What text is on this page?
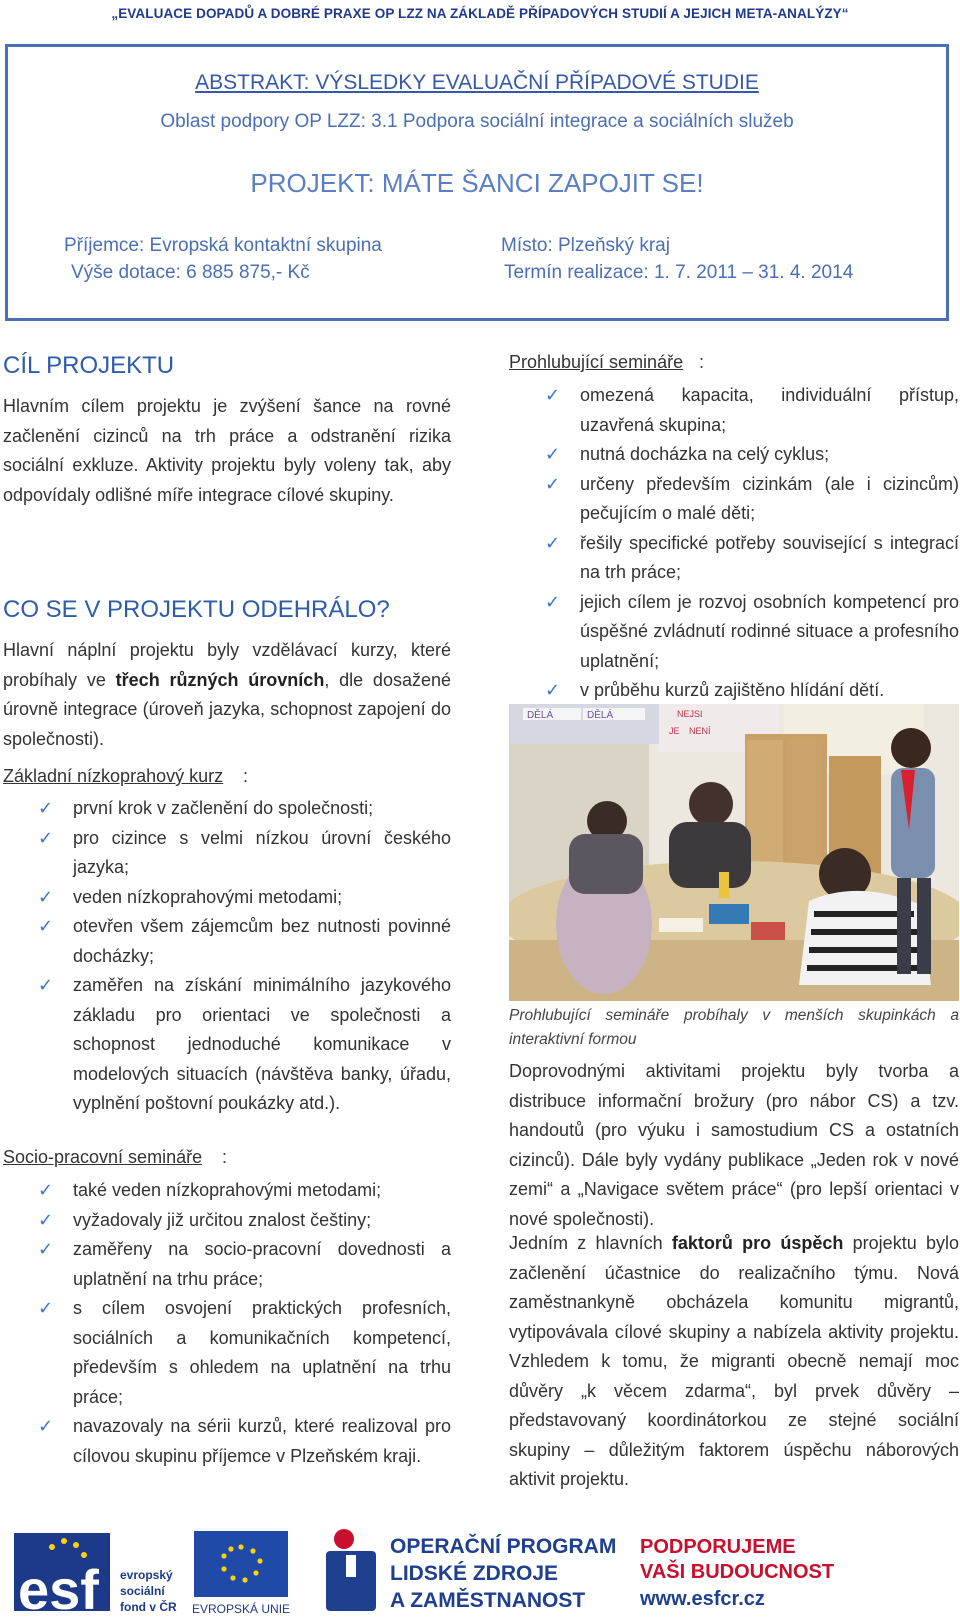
„EVALUACE DOPADŮ A DOBRÉ PRAXE OP LZZ NA ZÁKLADĚ PŘÍPADOVÝCH STUDIÍ A JEJICH META-ANALÝZY“
ABSTRAKT: VÝSLEDKY EVALUAČNÍ PŘÍPADOVÉ STUDIE
Oblast podpory OP LZZ: 3.1 Podpora sociální integrace a sociálních služeb
PROJEKT: MÁTE ŠANCI ZAPOJIT SE!
Příjemce: Evropská kontaktní skupina
Výše dotace: 6 885 875,- Kč
Místo: Plzeňský kraj
Termín realizace: 1. 7. 2011 – 31. 4. 2014
CÍL PROJEKTU
Hlavním cílem projektu je zvýšení šance na rovné začlenění cizinců na trh práce a odstranění rizika sociální exkluze. Aktivity projektu byly voleny tak, aby odpovídaly odlišné míře integrace cílové skupiny.
CO SE V PROJEKTU ODEHRÁLO?
Hlavní náplní projektu byly vzdělávací kurzy, které probíhaly ve třech různých úrovních, dle dosažené úrovně integrace (úroveň jazyka, schopnost zapojení do společnosti).
Základní nízkoprahový kurz :
✓ první krok v začlenění do společnosti;
✓ pro cizince s velmi nízkou úrovní českého jazyka;
✓ veden nízkoprahovými metodami;
✓ otevřen všem zájemcům bez nutnosti povinné docházky;
✓ zaměřen na získání minimálního jazykového základu pro orientaci ve společnosti a schopnost jednoduché komunikace v modelových situacích (návštěva banky, úřadu, vyplnění poštovní poukázky atd.).
Socio-pracovní semináře :
✓ také veden nízkoprahovými metodami;
✓ vyžadovaly již určitou znalost češtiny;
✓ zaměřeny na socio-pracovní dovednosti a uplatnění na trhu práce;
✓ s cílem osvojení praktických profesních, sociálních a komunikačních kompetencí, především s ohledem na uplatnění na trhu práce;
✓ navazovaly na sérii kurzů, které realizoval pro cílovou skupinu příjemce v Plzeňském kraji.
Prohlubující semináře :
✓ omezená kapacita, individuální přístup, uzavřená skupina;
✓ nutná docházka na celý cyklus;
✓ určeny především cizinkám (ale i cizincům) pečujícím o malé děti;
✓ řešily specifické potřeby související s integrací na trh práce;
✓ jejich cílem je rozvoj osobních kompetencí pro úspěšné zvládnutí rodinné situace a profesního uplatnění;
✓ v průběhu kurzů zajištěno hlídání dětí.
DĚLÁ	DĚLÁ	NEJSI
JE NENÍ
Prohlubující semináře probíhaly v menších skupinkách a interaktivní formou
Doprovodnými aktivitami projektu byly tvorba a distribuce informační brožury (pro nábor CS) a tzv. handoutů (pro výuku i samostudium CS a ostatních cizinců). Dále byly vydány publikace „Jeden rok v nové zemi“ a „Navigace světem práce“ (pro lepší orientaci v nové společnosti).
Jedním z hlavních faktorů pro úspěch projektu bylo začlenění účastnice do realizačního týmu. Nová zaměstnankyně obcházela komunitu migrantů, vytipovávala cílové skupiny a nabízela aktivity projektu. Vzhledem k tomu, že migranti obecně nemají moc důvěry „k věcem zdarma“, byl prvek důvěry – představovaný koordinátorkou ze stejné sociální skupiny – důležitým faktorem úspěchu náborových aktivit projektu.
esf evropský
sociální
fond v ČR EVROPSKÁ UNIE
OPERAČNÍ PROGRAM
LIDSKÉ ZDROJE
A ZAMĚSTNANOST
PODPORUJEME
VAŠI BUDOUCNOST
www.esfcr.cz
